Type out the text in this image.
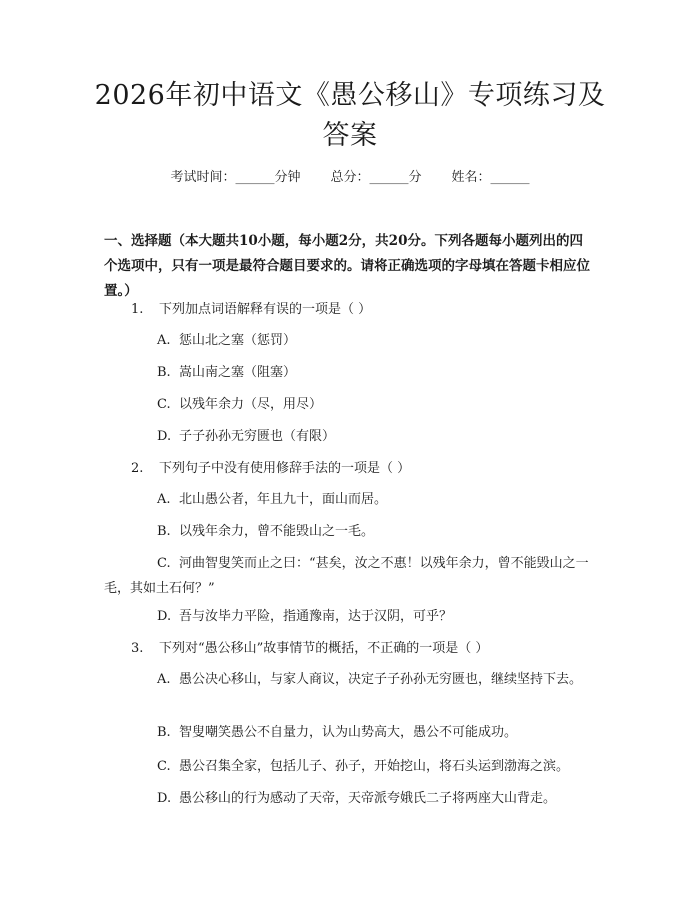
2026年初中语文《愚公移山》专项练习及答案
考试时间：______分钟 总分：______分 姓名：______

一、选择题（本大题共10小题，每小题2分，共20分。下列各题每小题列出的四个选项中，只有一项是最符合题目要求的。请将正确选项的字母填在答题卡相应位置。）

1. 下列加点词语解释有误的一项是（ ）
A. 惩山北之塞（惩罚）
B. 嵩山南之塞（阻塞）
C. 以残年余力（尽，用尽）
D. 子子孙孙无穷匮也（有限）
2. 下列句子中没有使用修辞手法的一项是（ ）
A. 北山愚公者，年且九十，面山而居。
B. 以残年余力，曾不能毁山之一毛。
C. 河曲智叟笑而止之曰：“甚矣，汝之不惠！以残年余力，曾不能毁山之一毛，其如土石何？”
D. 吾与汝毕力平险，指通豫南，达于汉阴，可乎？
3. 下列对“愚公移山”故事情节的概括，不正确的一项是（ ）
A. 愚公决心移山，与家人商议，决定子子孙孙无穷匮也，继续坚持下去。
B. 智叟嘲笑愚公不自量力，认为山势高大，愚公不可能成功。
C. 愚公召集全家，包括儿子、孙子，开始挖山，将石头运到渤海之滨。
D. 愚公移山的行为感动了天帝，天帝派夸娥氏二子将两座大山背走。
